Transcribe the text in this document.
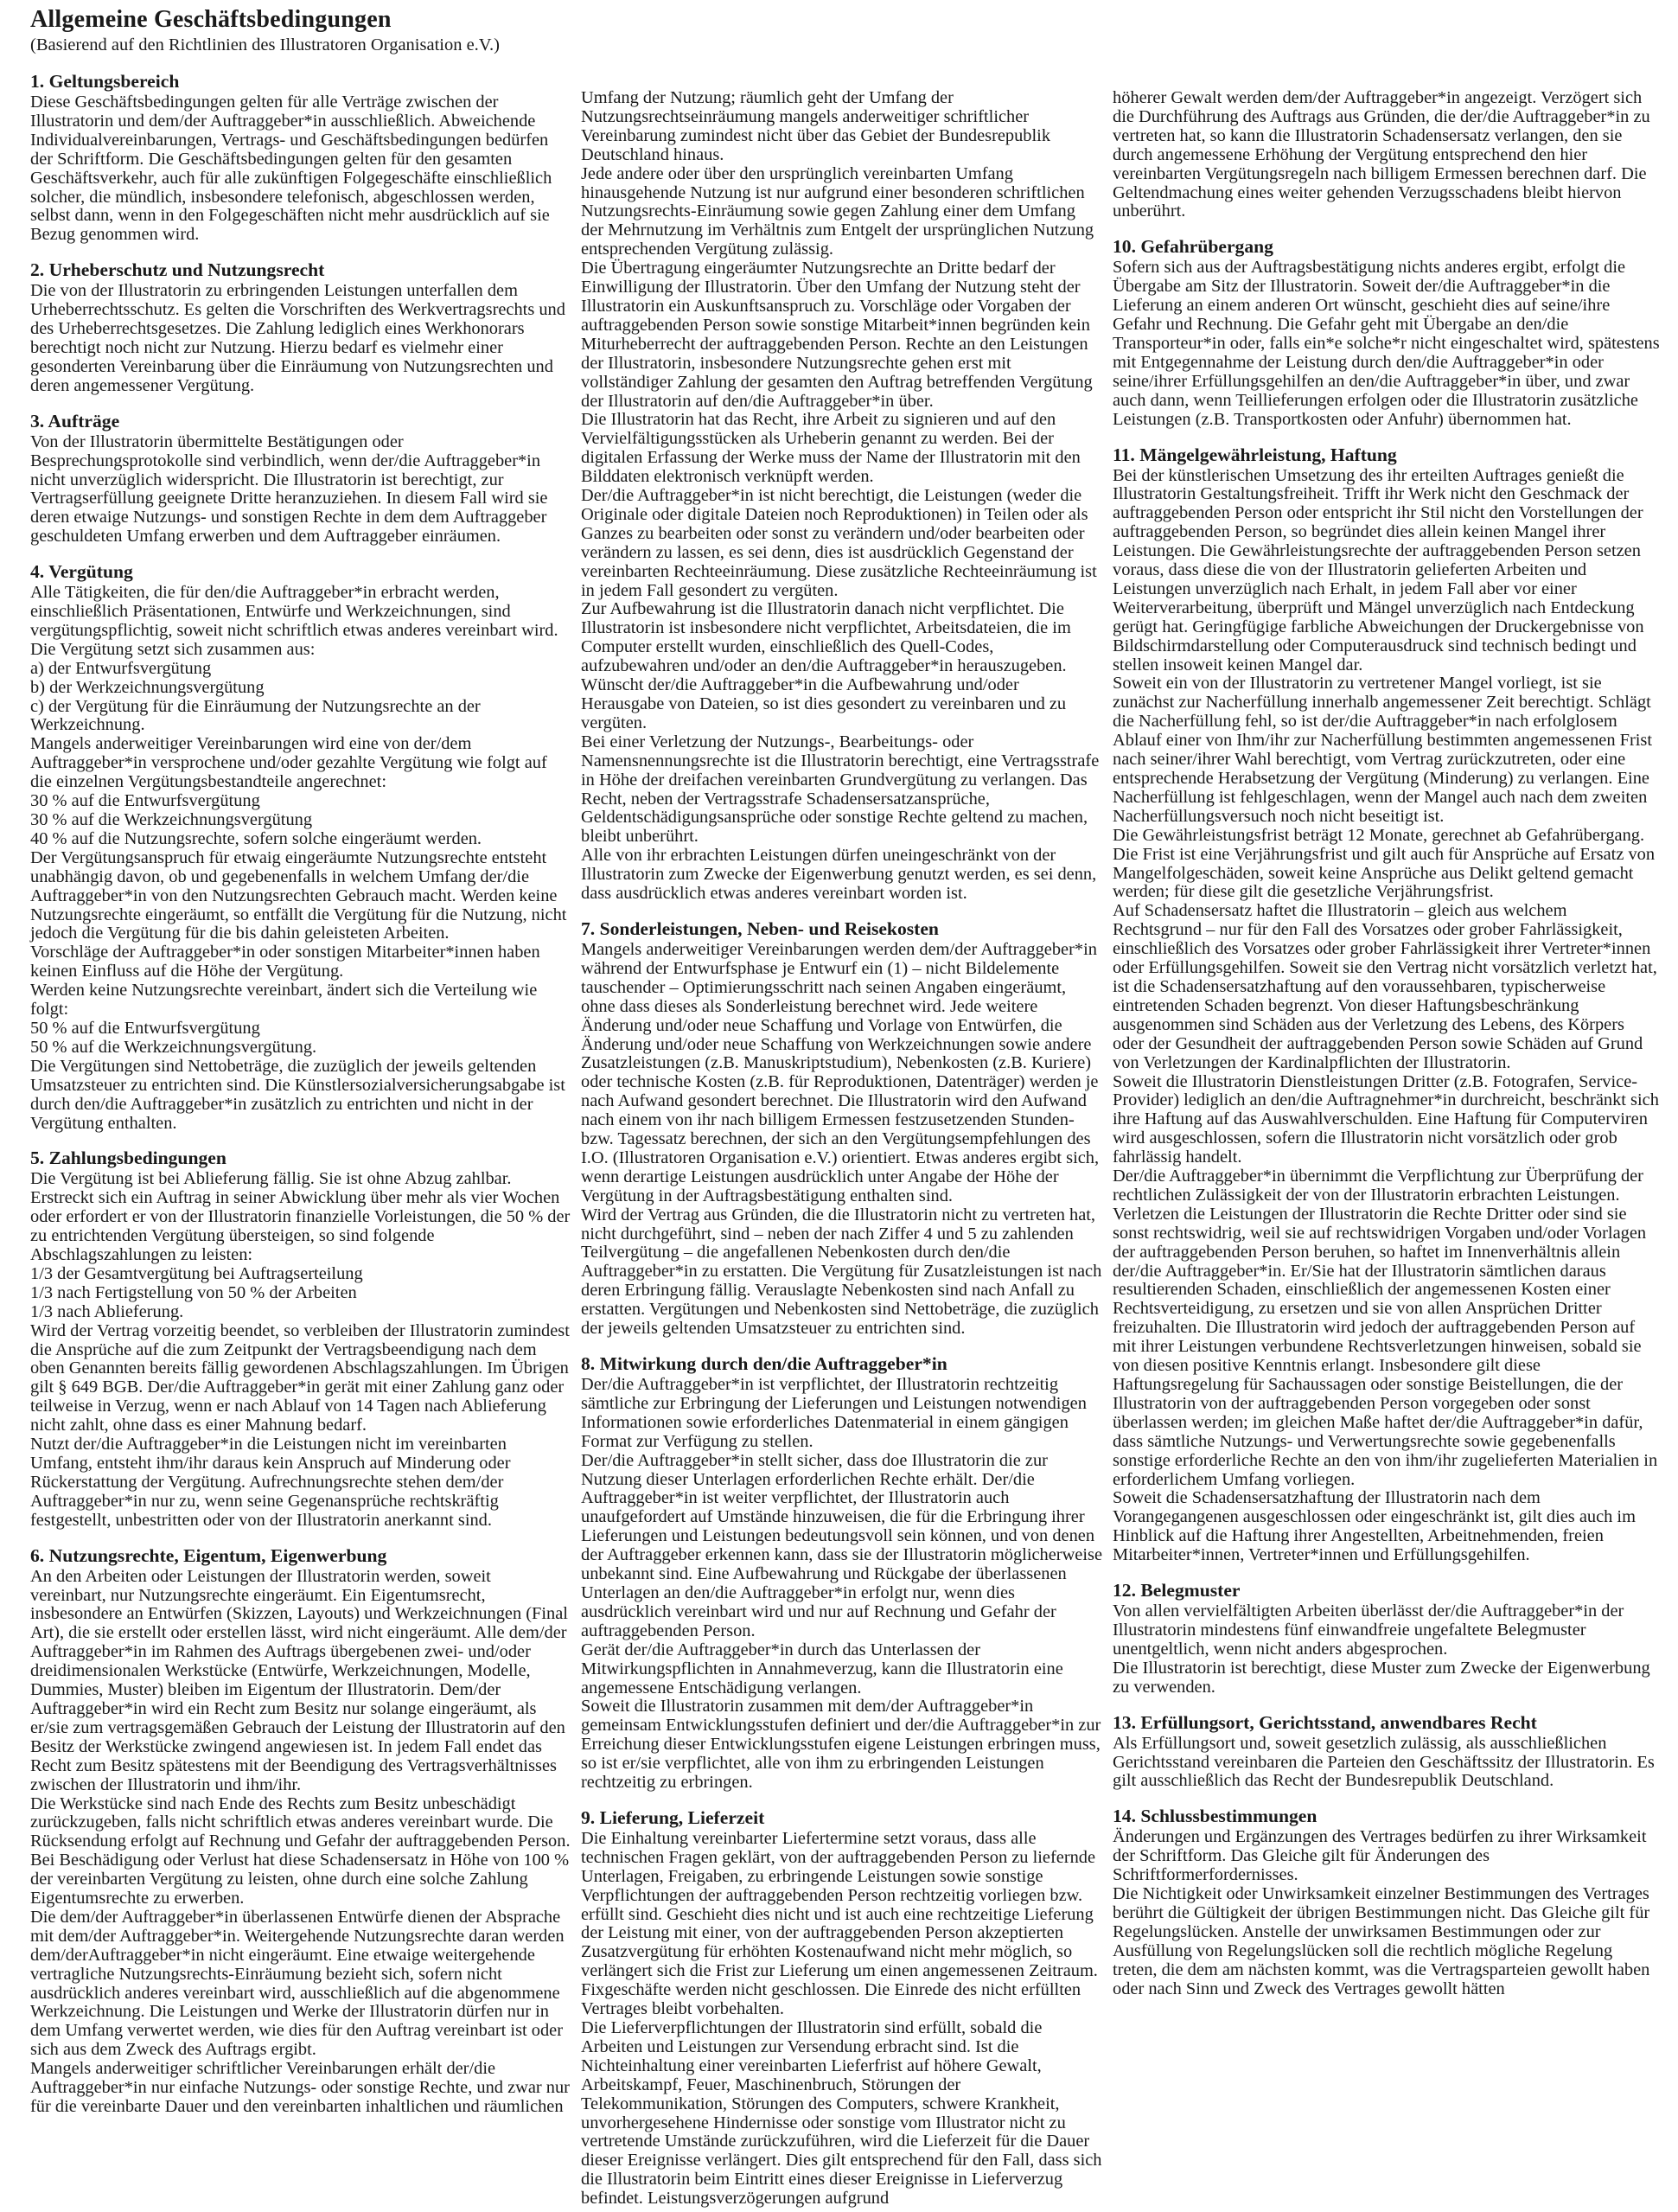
Allgemeine Geschäftsbedingungen
(Basierend auf den Richtlinien des Illustratoren Organisation e.V.)
1. Geltungsbereich

Diese Geschäftsbedingungen gelten für alle Verträge zwischen der Illustratorin und dem/der Auftraggeber*in ausschließlich. Abweichende Individualvereinbarungen, Vertrags- und Geschäftsbedingungen bedürfen der Schriftform. Die Geschäftsbedingungen gelten für den gesamten Geschäftsverkehr, auch für alle zukünftigen Folgegeschäfte einschließlich solcher, die mündlich, insbesondere telefonisch, abgeschlossen werden, selbst dann, wenn in den Folgegeschäften nicht mehr ausdrücklich auf sie Bezug genommen wird.

2. Urheberschutz und Nutzungsrecht

Die von der Illustratorin zu erbringenden Leistungen unterfallen dem Urheberrechtsschutz. Es gelten die Vorschriften des Werkvertragsrechts und des Urheberrechtsgesetzes. Die Zahlung lediglich eines Werkhonorars berechtigt noch nicht zur Nutzung. Hierzu bedarf es vielmehr einer gesonderten Vereinbarung über die Einräumung von Nutzungsrechten und deren angemessener Vergütung.

3. Aufträge

Von der Illustratorin übermittelte Bestätigungen oder Besprechungsprotokolle sind verbindlich, wenn der/die Auftraggeber*in nicht unverzüglich widerspricht. Die Illustratorin ist berechtigt, zur Vertragserfüllung geeignete Dritte heranzuziehen. In diesem Fall wird sie deren etwaige Nutzungs- und sonstigen Rechte in dem dem Auftraggeber geschuldeten Umfang erwerben und dem Auftraggeber einräumen.

4. Vergütung

Alle Tätigkeiten, die für den/die Auftraggeber*in erbracht werden, einschließlich Präsentationen, Entwürfe und Werkzeichnungen, sind vergütungspflichtig, soweit nicht schriftlich etwas anderes vereinbart wird. Die Vergütung setzt sich zusammen aus:

a) der Entwurfsvergütung

b) der Werkzeichnungsvergütung

c) der Vergütung für die Einräumung der Nutzungsrechte an der Werkzeichnung.

Mangels anderweitiger Vereinbarungen wird eine von der/dem Auftraggeber*in versprochene und/oder gezahlte Vergütung wie folgt auf die einzelnen Vergütungsbestandteile angerechnet:

30 % auf die Entwurfsvergütung

30 % auf die Werkzeichnungsvergütung

40 % auf die Nutzungsrechte, sofern solche eingeräumt werden.

Der Vergütungsanspruch für etwaig eingeräumte Nutzungsrechte entsteht unabhängig davon, ob und gegebenenfalls in welchem Umfang der/die Auftraggeber*in von den Nutzungsrechten Gebrauch macht. Werden keine Nutzungsrechte eingeräumt, so entfällt die Vergütung für die Nutzung, nicht jedoch die Vergütung für die bis dahin geleisteten Arbeiten.

Vorschläge der Auftraggeber*in oder sonstigen Mitarbeiter*innen haben keinen Einfluss auf die Höhe der Vergütung.

Werden keine Nutzungsrechte vereinbart, ändert sich die Verteilung wie folgt:

50 % auf die Entwurfsvergütung

50 % auf die Werkzeichnungsvergütung.

Die Vergütungen sind Nettobeträge, die zuzüglich der jeweils geltenden Umsatzsteuer zu entrichten sind. Die Künstlersozialversicherungsabgabe ist durch den/die Auftraggeber*in zusätzlich zu entrichten und nicht in der Vergütung enthalten.

5. Zahlungsbedingungen

Die Vergütung ist bei Ablieferung fällig. Sie ist ohne Abzug zahlbar. Erstreckt sich ein Auftrag in seiner Abwicklung über mehr als vier Wochen oder erfordert er von der Illustratorin finanzielle Vorleistungen, die 50 % der zu entrichtenden Vergütung übersteigen, so sind folgende Abschlagszahlungen zu leisten:

1/3 der Gesamtvergütung bei Auftragserteilung

1/3 nach Fertigstellung von 50 % der Arbeiten

1/3 nach Ablieferung.

Wird der Vertrag vorzeitig beendet, so verbleiben der Illustratorin zumindest die Ansprüche auf die zum Zeitpunkt der Vertragsbeendigung nach dem oben Genannten bereits fällig gewordenen Abschlagszahlungen. Im Übrigen gilt § 649 BGB. Der/die Auftraggeber*in gerät mit einer Zahlung ganz oder teilweise in Verzug, wenn er nach Ablauf von 14 Tagen nach Ablieferung nicht zahlt, ohne dass es einer Mahnung bedarf.

Nutzt der/die Auftraggeber*in die Leistungen nicht im vereinbarten Umfang, entsteht ihm/ihr daraus kein Anspruch auf Minderung oder Rückerstattung der Vergütung. Aufrechnungsrechte stehen dem/der Auftraggeber*in nur zu, wenn seine Gegenansprüche rechtskräftig festgestellt, unbestritten oder von der Illustratorin anerkannt sind.

6. Nutzungsrechte, Eigentum, Eigenwerbung

An den Arbeiten oder Leistungen der Illustratorin werden, soweit vereinbart, nur Nutzungsrechte eingeräumt. Ein Eigentumsrecht, insbesondere an Entwürfen (Skizzen, Layouts) und Werkzeichnungen (Final Art), die sie erstellt oder erstellen lässt, wird nicht eingeräumt. Alle dem/der Auftraggeber*in im Rahmen des Auftrags übergebenen zwei- und/oder dreidimensionalen Werkstücke (Entwürfe, Werkzeichnungen, Modelle, Dummies, Muster) bleiben im Eigentum der Illustratorin. Dem/der Auftraggeber*in wird ein Recht zum Besitz nur solange eingeräumt, als er/sie zum vertragsgemäßen Gebrauch der Leistung der Illustratorin auf den Besitz der Werkstücke zwingend angewiesen ist. In jedem Fall endet das Recht zum Besitz spätestens mit der Beendigung des Vertragsverhältnisses zwischen der Illustratorin und ihm/ihr.

Die Werkstücke sind nach Ende des Rechts zum Besitz unbeschädigt zurückzugeben, falls nicht schriftlich etwas anderes vereinbart wurde. Die Rücksendung erfolgt auf Rechnung und Gefahr der auftraggebenden Person. Bei Beschädigung oder Verlust hat diese Schadensersatz in Höhe von 100 % der vereinbarten Vergütung zu leisten, ohne durch eine solche Zahlung Eigentumsrechte zu erwerben.

Die dem/der Auftraggeber*in überlassenen Entwürfe dienen der Absprache mit dem/der Auftraggeber*in. Weitergehende Nutzungsrechte daran werden dem/derAuftraggeber*in nicht eingeräumt. Eine etwaige weitergehende vertragliche Nutzungsrechts-Einräumung bezieht sich, sofern nicht ausdrücklich anderes vereinbart wird, ausschließlich auf die abgenommene Werkzeichnung. Die Leistungen und Werke der Illustratorin dürfen nur in dem Umfang verwertet werden, wie dies für den Auftrag vereinbart ist oder sich aus dem Zweck des Auftrags ergibt.

Mangels anderweitiger schriftlicher Vereinbarungen erhält der/die Auftraggeber*in nur einfache Nutzungs- oder sonstige Rechte, und zwar nur für die vereinbarte Dauer und den vereinbarten inhaltlichen und räumlichen

Umfang der Nutzung; räumlich geht der Umfang der Nutzungsrechtseinräumung mangels anderweitiger schriftlicher Vereinbarung zumindest nicht über das Gebiet der Bundesrepublik Deutschland hinaus.

Jede andere oder über den ursprünglich vereinbarten Umfang hinausgehende Nutzung ist nur aufgrund einer besonderen schriftlichen Nutzungsrechts-Einräumung sowie gegen Zahlung einer dem Umfang der Mehrnutzung im Verhältnis zum Entgelt der ursprünglichen Nutzung entsprechenden Vergütung zulässig.

Die Übertragung eingeräumter Nutzungsrechte an Dritte bedarf der Einwilligung der Illustratorin. Über den Umfang der Nutzung steht der Illustratorin ein Auskunftsanspruch zu. Vorschläge oder Vorgaben der auftraggebenden Person sowie sonstige Mitarbeit*innen begründen kein Miturheberrecht der auftraggebenden Person. Rechte an den Leistungen der Illustratorin, insbesondere Nutzungsrechte gehen erst mit vollständiger Zahlung der gesamten den Auftrag betreffenden Vergütung der Illustratorin auf den/die Auftraggeber*in über.

Die Illustratorin hat das Recht, ihre Arbeit zu signieren und auf den Vervielfältigungsstücken als Urheberin genannt zu werden. Bei der digitalen Erfassung der Werke muss der Name der Illustratorin mit den Bilddaten elektronisch verknüpft werden.

Der/die Auftraggeber*in ist nicht berechtigt, die Leistungen (weder die Originale oder digitale Dateien noch Reproduktionen) in Teilen oder als Ganzes zu bearbeiten oder sonst zu verändern und/oder bearbeiten oder verändern zu lassen, es sei denn, dies ist ausdrücklich Gegenstand der vereinbarten Rechteeinräumung. Diese zusätzliche Rechteeinräumung ist in jedem Fall gesondert zu vergüten.

Zur Aufbewahrung ist die Illustratorin danach nicht verpflichtet. Die Illustratorin ist insbesondere nicht verpflichtet, Arbeitsdateien, die im Computer erstellt wurden, einschließlich des Quell-Codes, aufzubewahren und/oder an den/die Auftraggeber*in herauszugeben. Wünscht der/die Auftraggeber*in die Aufbewahrung und/oder Herausgabe von Dateien, so ist dies gesondert zu vereinbaren und zu vergüten.

Bei einer Verletzung der Nutzungs-, Bearbeitungs- oder Namensnennungsrechte ist die Illustratorin berechtigt, eine Vertragsstrafe in Höhe der dreifachen vereinbarten Grundvergütung zu verlangen. Das Recht, neben der Vertragsstrafe Schadensersatzansprüche, Geldentschädigungsansprüche oder sonstige Rechte geltend zu machen, bleibt unberührt.

Alle von ihr erbrachten Leistungen dürfen uneingeschränkt von der Illustratorin zum Zwecke der Eigenwerbung genutzt werden, es sei denn, dass ausdrücklich etwas anderes vereinbart worden ist.

7. Sonderleistungen, Neben- und Reisekosten

Mangels anderweitiger Vereinbarungen werden dem/der Auftraggeber*in während der Entwurfsphase je Entwurf ein (1) – nicht Bildelemente tauschender – Optimierungsschritt nach seinen Angaben eingeräumt, ohne dass dieses als Sonderleistung berechnet wird. Jede weitere Änderung und/oder neue Schaffung und Vorlage von Entwürfen, die Änderung und/oder neue Schaffung von Werkzeichnungen sowie andere Zusatzleistungen (z.B. Manuskriptstudium), Nebenkosten (z.B. Kuriere) oder technische Kosten (z.B. für Reproduktionen, Datenträger) werden je nach Aufwand gesondert berechnet. Die Illustratorin wird den Aufwand nach einem von ihr nach billigem Ermessen festzusetzenden Stunden- bzw. Tagessatz berechnen, der sich an den Vergütungsempfehlungen des I.O. (Illustratoren Organisation e.V.) orientiert. Etwas anderes ergibt sich, wenn derartige Leistungen ausdrücklich unter Angabe der Höhe der Vergütung in der Auftragsbestätigung enthalten sind.

Wird der Vertrag aus Gründen, die die Illustratorin nicht zu vertreten hat, nicht durchgeführt, sind – neben der nach Ziffer 4 und 5 zu zahlenden Teilvergütung – die angefallenen Nebenkosten durch den/die Auftraggeber*in zu erstatten. Die Vergütung für Zusatzleistungen ist nach deren Erbringung fällig. Verauslagte Nebenkosten sind nach Anfall zu erstatten. Vergütungen und Nebenkosten sind Nettobeträge, die zuzüglich der jeweils geltenden Umsatzsteuer zu entrichten sind.

8. Mitwirkung durch den/die Auftraggeber*in

Der/die Auftraggeber*in ist verpflichtet, der Illustratorin rechtzeitig sämtliche zur Erbringung der Lieferungen und Leistungen notwendigen Informationen sowie erforderliches Datenmaterial in einem gängigen Format zur Verfügung zu stellen.

Der/die Auftraggeber*in stellt sicher, dass doe Illustratorin die zur Nutzung dieser Unterlagen erforderlichen Rechte erhält. Der/die Auftraggeber*in ist weiter verpflichtet, der Illustratorin auch unaufgefordert auf Umstände hinzuweisen, die für die Erbringung ihrer Lieferungen und Leistungen bedeutungsvoll sein können, und von denen der Auftraggeber erkennen kann, dass sie der Illustratorin möglicherweise unbekannt sind. Eine Aufbewahrung und Rückgabe der überlassenen Unterlagen an den/die Auftraggeber*in erfolgt nur, wenn dies ausdrücklich vereinbart wird und nur auf Rechnung und Gefahr der auftraggebenden Person.

Gerät der/die Auftraggeber*in durch das Unterlassen der Mitwirkungspflichten in Annahmeverzug, kann die Illustratorin eine angemessene Entschädigung verlangen.

Soweit die Illustratorin zusammen mit dem/der Auftraggeber*in gemeinsam Entwicklungsstufen definiert und der/die Auftraggeber*in zur Erreichung dieser Entwicklungsstufen eigene Leistungen erbringen muss, so ist er/sie verpflichtet, alle von ihm zu erbringenden Leistungen rechtzeitig zu erbringen.

9. Lieferung, Lieferzeit

Die Einhaltung vereinbarter Liefertermine setzt voraus, dass alle technischen Fragen geklärt, von der auftraggebenden Person zu liefernde Unterlagen, Freigaben, zu erbringende Leistungen sowie sonstige Verpflichtungen der auftraggebenden Person rechtzeitig vorliegen bzw. erfüllt sind. Geschieht dies nicht und ist auch eine rechtzeitige Lieferung der Leistung mit einer, von der auftraggebenden Person akzeptierten Zusatzvergütung für erhöhten Kostenaufwand nicht mehr möglich, so verlängert sich die Frist zur Lieferung um einen angemessenen Zeitraum. Fixgeschäfte werden nicht geschlossen. Die Einrede des nicht erfüllten Vertrages bleibt vorbehalten.

Die Lieferverpflichtungen der Illustratorin sind erfüllt, sobald die Arbeiten und Leistungen zur Versendung erbracht sind. Ist die Nichteinhaltung einer vereinbarten Lieferfrist auf höhere Gewalt, Arbeitskampf, Feuer, Maschinenbruch, Störungen der Telekommunikation, Störungen des Computers, schwere Krankheit, unvorhergesehene Hindernisse oder sonstige vom Illustrator nicht zu vertretende Umstände zurückzuführen, wird die Lieferzeit für die Dauer dieser Ereignisse verlängert. Dies gilt entsprechend für den Fall, dass sich die Illustratorin beim Eintritt eines dieser Ereignisse in Lieferverzug befindet. Leistungsverzögerungen aufgrund

höherer Gewalt werden dem/der Auftraggeber*in angezeigt. Verzögert sich die Durchführung des Auftrags aus Gründen, die der/die Auftraggeber*in zu vertreten hat, so kann die Illustratorin Schadensersatz verlangen, den sie durch angemessene Erhöhung der Vergütung entsprechend den hier vereinbarten Vergütungsregeln nach billigem Ermessen berechnen darf. Die Geltendmachung eines weiter gehenden Verzugsschadens bleibt hiervon unberührt.

10. Gefahrübergang

Sofern sich aus der Auftragsbestätigung nichts anderes ergibt, erfolgt die Übergabe am Sitz der Illustratorin. Soweit der/die Auftraggeber*in die Lieferung an einem anderen Ort wünscht, geschieht dies auf seine/ihre Gefahr und Rechnung. Die Gefahr geht mit Übergabe an den/die Transporteur*in oder, falls ein*e solche*r nicht eingeschaltet wird, spätestens mit Entgegennahme der Leistung durch den/die Auftraggeber*in oder seine/ihrer Erfüllungsgehilfen an den/die Auftraggeber*in über, und zwar auch dann, wenn Teillieferungen erfolgen oder die Illustratorin zusätzliche Leistungen (z.B. Transportkosten oder Anfuhr) übernommen hat.

11. Mängelgewährleistung, Haftung

Bei der künstlerischen Umsetzung des ihr erteilten Auftrages genießt die Illustratorin Gestaltungsfreiheit. Trifft ihr Werk nicht den Geschmack der auftraggebenden Person oder entspricht ihr Stil nicht den Vorstellungen der auftraggebenden Person, so begründet dies allein keinen Mangel ihrer Leistungen. Die Gewährleistungsrechte der auftraggebenden Person setzen voraus, dass diese die von der Illustratorin gelieferten Arbeiten und Leistungen unverzüglich nach Erhalt, in jedem Fall aber vor einer Weiterverarbeitung, überprüft und Mängel unverzüglich nach Entdeckung gerügt hat. Geringfügige farbliche Abweichungen der Druckergebnisse von Bildschirmdarstellung oder Computerausdruck sind technisch bedingt und stellen insoweit keinen Mangel dar.

Soweit ein von der Illustratorin zu vertretener Mangel vorliegt, ist sie zunächst zur Nacherfüllung innerhalb angemessener Zeit berechtigt. Schlägt die Nacherfüllung fehl, so ist der/die Auftraggeber*in nach erfolglosem Ablauf einer von Ihm/ihr zur Nacherfüllung bestimmten angemessenen Frist nach seiner/ihrer Wahl berechtigt, vom Vertrag zurückzutreten, oder eine entsprechende Herabsetzung der Vergütung (Minderung) zu verlangen. Eine Nacherfüllung ist fehlgeschlagen, wenn der Mangel auch nach dem zweiten Nacherfüllungsversuch noch nicht beseitigt ist.

Die Gewährleistungsfrist beträgt 12 Monate, gerechnet ab Gefahrübergang. Die Frist ist eine Verjährungsfrist und gilt auch für Ansprüche auf Ersatz von Mangelfolgeschäden, soweit keine Ansprüche aus Delikt geltend gemacht werden; für diese gilt die gesetzliche Verjährungsfrist.

Auf Schadensersatz haftet die Illustratorin – gleich aus welchem Rechtsgrund – nur für den Fall des Vorsatzes oder grober Fahrlässigkeit, einschließlich des Vorsatzes oder grober Fahrlässigkeit ihrer Vertreter*innen oder Erfüllungsgehilfen. Soweit sie den Vertrag nicht vorsätzlich verletzt hat, ist die Schadensersatzhaftung auf den voraussehbaren, typischerweise eintretenden Schaden begrenzt. Von dieser Haftungsbeschränkung ausgenommen sind Schäden aus der Verletzung des Lebens, des Körpers oder der Gesundheit der auftraggebenden Person sowie Schäden auf Grund von Verletzungen der Kardinalpflichten der Illustratorin.

Soweit die Illustratorin Dienstleistungen Dritter (z.B. Fotografen, Service-Provider) lediglich an den/die Auftragnehmer*in durchreicht, beschränkt sich ihre Haftung auf das Auswahlverschulden. Eine Haftung für Computerviren wird ausgeschlossen, sofern die Illustratorin nicht vorsätzlich oder grob fahrlässig handelt.

Der/die Auftraggeber*in übernimmt die Verpflichtung zur Überprüfung der rechtlichen Zulässigkeit der von der Illustratorin erbrachten Leistungen. Verletzen die Leistungen der Illustratorin die Rechte Dritter oder sind sie sonst rechtswidrig, weil sie auf rechtswidrigen Vorgaben und/oder Vorlagen der auftraggebenden Person beruhen, so haftet im Innenverhältnis allein der/die Auftraggeber*in. Er/Sie hat der Illustratorin sämtlichen daraus resultierenden Schaden, einschließlich der angemessenen Kosten einer Rechtsverteidigung, zu ersetzen und sie von allen Ansprüchen Dritter freizuhalten. Die Illustratorin wird jedoch der auftraggebenden Person auf mit ihrer Leistungen verbundene Rechtsverletzungen hinweisen, sobald sie von diesen positive Kenntnis erlangt. Insbesondere gilt diese Haftungsregelung für Sachaussagen oder sonstige Beistellungen, die der Illustratorin von der auftraggebenden Person vorgegeben oder sonst überlassen werden; im gleichen Maße haftet der/die Auftraggeber*in dafür, dass sämtliche Nutzungs- und Verwertungsrechte sowie gegebenenfalls sonstige erforderliche Rechte an den von ihm/ihr zugelieferten Materialien in erforderlichem Umfang vorliegen.

Soweit die Schadensersatzhaftung der Illustratorin nach dem Vorangegangenen ausgeschlossen oder eingeschränkt ist, gilt dies auch im Hinblick auf die Haftung ihrer Angestellten, Arbeitnehmenden, freien Mitarbeiter*innen, Vertreter*innen und Erfüllungsgehilfen.

12. Belegmuster

Von allen vervielfältigten Arbeiten überlässt der/die Auftraggeber*in der Illustratorin mindestens fünf einwandfreie ungefaltete Belegmuster unentgeltlich, wenn nicht anders abgesprochen.

Die Illustratorin ist berechtigt, diese Muster zum Zwecke der Eigenwerbung zu verwenden.

13. Erfüllungsort, Gerichtsstand, anwendbares Recht

Als Erfüllungsort und, soweit gesetzlich zulässig, als ausschließlichen Gerichtsstand vereinbaren die Parteien den Geschäftssitz der Illustratorin. Es gilt ausschließlich das Recht der Bundesrepublik Deutschland.

14. Schlussbestimmungen

Änderungen und Ergänzungen des Vertrages bedürfen zu ihrer Wirksamkeit der Schriftform. Das Gleiche gilt für Änderungen des Schriftformerfordernisses.

Die Nichtigkeit oder Unwirksamkeit einzelner Bestimmungen des Vertrages berührt die Gültigkeit der übrigen Bestimmungen nicht. Das Gleiche gilt für Regelungslücken. Anstelle der unwirksamen Bestimmungen oder zur Ausfüllung von Regelungslücken soll die rechtlich mögliche Regelung treten, die dem am nächsten kommt, was die Vertragsparteien gewollt haben oder nach Sinn und Zweck des Vertrages gewollt hätten
